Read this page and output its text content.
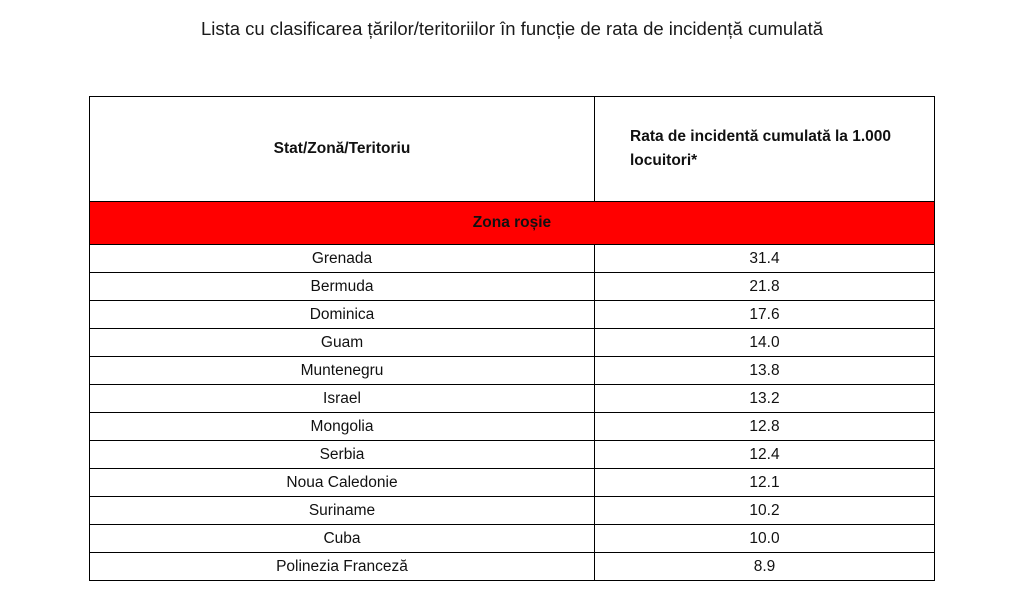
Lista cu clasificarea țărilor/teritoriilor în funcție de rata de incidență cumulată
Stat/Zonă/Teritoriu	Rata de incidentă cumulată la 1.000 locuitori*

Zona roșie	
Grenada	31.4
Bermuda	21.8
Dominica	17.6
Guam	14.0
Muntenegru	13.8
Israel	13.2
Mongolia	12.8
Serbia	12.4
Noua Caledonie	12.1
Suriname	10.2
Cuba	10.0
Polinezia Franceză	8.9
